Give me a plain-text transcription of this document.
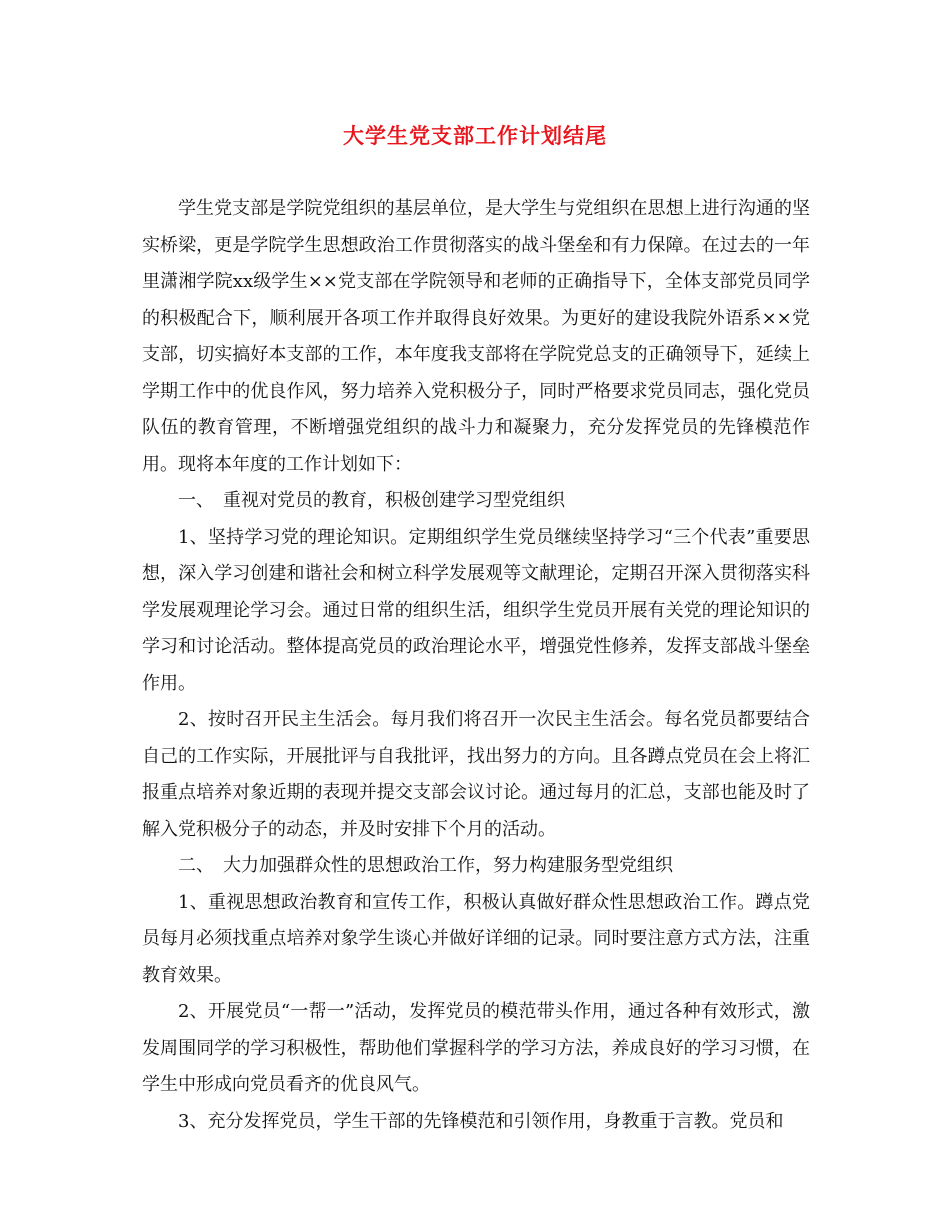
大学生党支部工作计划结尾

学生党支部是学院党组织的基层单位，是大学生与党组织在思想上进行沟通的坚实桥梁，更是学院学生思想政治工作贯彻落实的战斗堡垒和有力保障。在过去的一年里潇湘学院xx级学生××党支部在学院领导和老师的正确指导下，全体支部党员同学的积极配合下，顺利展开各项工作并取得良好效果。为更好的建设我院外语系××党支部，切实搞好本支部的工作，本年度我支部将在学院党总支的正确领导下，延续上学期工作中的优良作风，努力培养入党积极分子，同时严格要求党员同志，强化党员队伍的教育管理，不断增强党组织的战斗力和凝聚力，充分发挥党员的先锋模范作用。现将本年度的工作计划如下：

一、　重视对党员的教育，积极创建学习型党组织

1、坚持学习党的理论知识。定期组织学生党员继续坚持学习“三个代表”重要思想，深入学习创建和谐社会和树立科学发展观等文献理论，定期召开深入贯彻落实科学发展观理论学习会。通过日常的组织生活，组织学生党员开展有关党的理论知识的学习和讨论活动。整体提高党员的政治理论水平，增强党性修养，发挥支部战斗堡垒作用。

2、按时召开民主生活会。每月我们将召开一次民主生活会。每名党员都要结合自己的工作实际，开展批评与自我批评，找出努力的方向。且各蹲点党员在会上将汇报重点培养对象近期的表现并提交支部会议讨论。通过每月的汇总，支部也能及时了解入党积极分子的动态，并及时安排下个月的活动。

二、　大力加强群众性的思想政治工作，努力构建服务型党组织

1、重视思想政治教育和宣传工作，积极认真做好群众性思想政治工作。蹲点党员每月必须找重点培养对象学生谈心并做好详细的记录。同时要注意方式方法，注重教育效果。

2、开展党员“一帮一”活动，发挥党员的模范带头作用，通过各种有效形式，激发周围同学的学习积极性，帮助他们掌握科学的学习方法，养成良好的学习习惯，在学生中形成向党员看齐的优良风气。

3、充分发挥党员，学生干部的先锋模范和引领作用，身教重于言教。党员和
